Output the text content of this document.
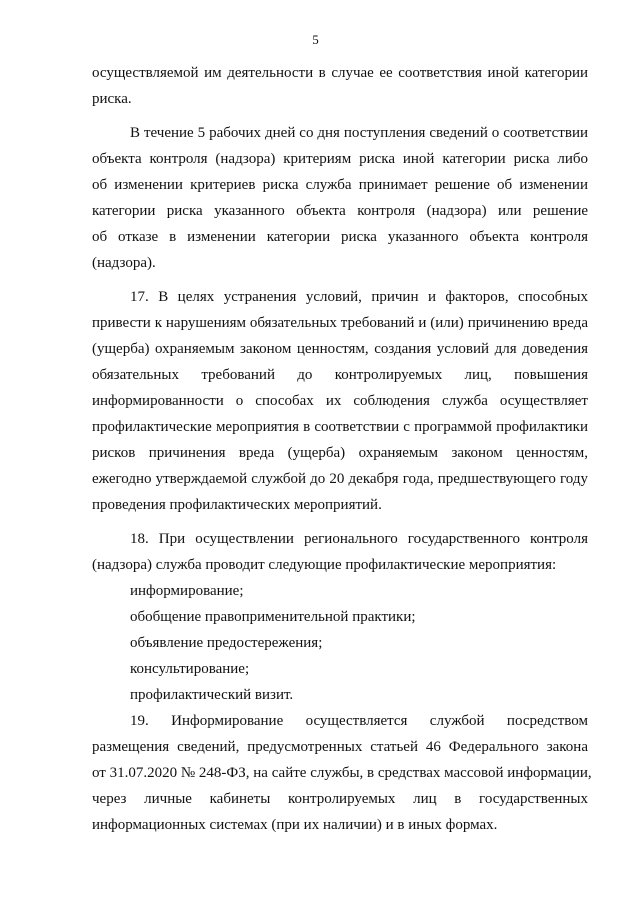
5
осуществляемой им деятельности в случае ее соответствия иной категории
риска.
В течение 5 рабочих дней со дня поступления сведений о соответствии
объекта контроля (надзора) критериям риска иной категории риска либо
об изменении критериев риска служба принимает решение об изменении
категории риска указанного объекта контроля (надзора) или решение
об отказе в изменении категории риска указанного объекта контроля
(надзора).
17. В целях устранения условий, причин и факторов, способных
привести к нарушениям обязательных требований и (или) причинению вреда
(ущерба) охраняемым законом ценностям, создания условий для доведения
обязательных требований до контролируемых лиц, повышения
информированности о способах их соблюдения служба осуществляет
профилактические мероприятия в соответствии с программой профилактики
рисков причинения вреда (ущерба) охраняемым законом ценностям,
ежегодно утверждаемой службой до 20 декабря года, предшествующего году
проведения профилактических мероприятий.
18. При осуществлении регионального государственного контроля
(надзора) служба проводит следующие профилактические мероприятия:
информирование;
обобщение правоприменительной практики;
объявление предостережения;
консультирование;
профилактический визит.
19. Информирование осуществляется службой посредством
размещения сведений, предусмотренных статьей 46 Федерального закона
от 31.07.2020 № 248-ФЗ, на сайте службы, в средствах массовой информации,
через личные кабинеты контролируемых лиц в государственных
информационных системах (при их наличии) и в иных формах.
